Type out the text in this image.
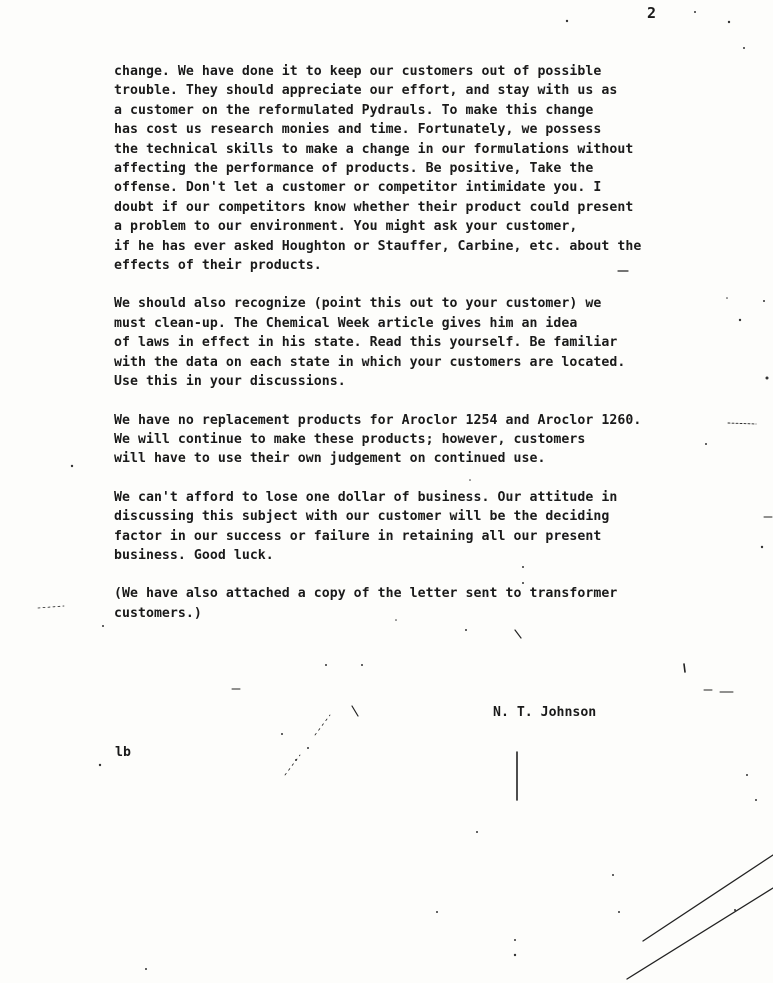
2

change. We have done it to keep our customers out of possible
trouble. They should appreciate our effort, and stay with us as
a customer on the reformulated Pydrauls. To make this change
has cost us research monies and time. Fortunately, we possess
the technical skills to make a change in our formulations without
affecting the performance of products. Be positive, Take the
offense. Don't let a customer or competitor intimidate you. I
doubt if our competitors know whether their product could present
a problem to our environment. You might ask your customer,
if he has ever asked Houghton or Stauffer, Carbine, etc. about the
effects of their products.

We should also recognize (point this out to your customer) we
must clean-up. The Chemical Week article gives him an idea
of laws in effect in his state. Read this yourself. Be familiar
with the data on each state in which your customers are located.
Use this in your discussions.

We have no replacement products for Aroclor 1254 and Aroclor 1260.
We will continue to make these products; however, customers
will have to use their own judgement on continued use.

We can't afford to lose one dollar of business. Our attitude in
discussing this subject with our customer will be the deciding
factor in our success or failure in retaining all our present
business. Good luck.

(We have also attached a copy of the letter sent to transformer
customers.)

N. T. Johnson
lb
